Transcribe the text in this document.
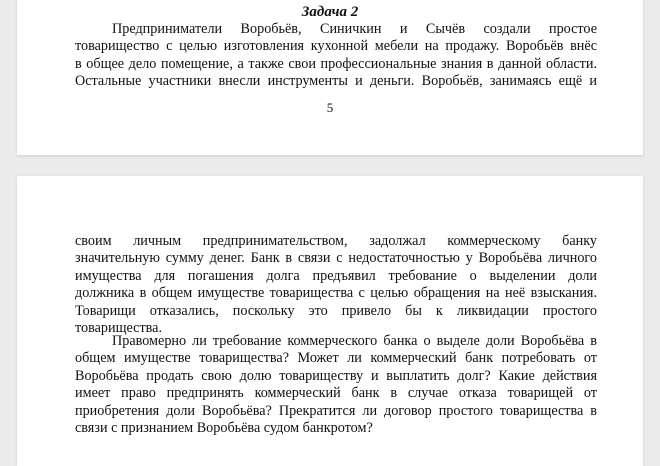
Задача 2
Предприниматели Воробьёв, Синичкин и Сычёв создали простое
товарищество с целью изготовления кухонной мебели на продажу. Воробьёв внёс
в общее дело помещение, а также свои профессиональные знания в данной области.
Остальные участники внесли инструменты и деньги. Воробьёв, занимаясь ещё и
5
своим личным предпринимательством, задолжал коммерческому банку
значительную сумму денег. Банк в связи с недостаточностью у Воробьёва личного
имущества для погашения долга предъявил требование о выделении доли
должника в общем имуществе товарищества с целью обращения на неё взыскания.
Товарищи отказались, поскольку это привело бы к ликвидации простого
товарищества.
Правомерно ли требование коммерческого банка о выделе доли Воробьёва в
общем имуществе товарищества? Может ли коммерческий банк потребовать от
Воробьёва продать свою долю товариществу и выплатить долг? Какие действия
имеет право предпринять коммерческий банк в случае отказа товарищей от
приобретения доли Воробьёва? Прекратится ли договор простого товарищества в
связи с признанием Воробьёва судом банкротом?
